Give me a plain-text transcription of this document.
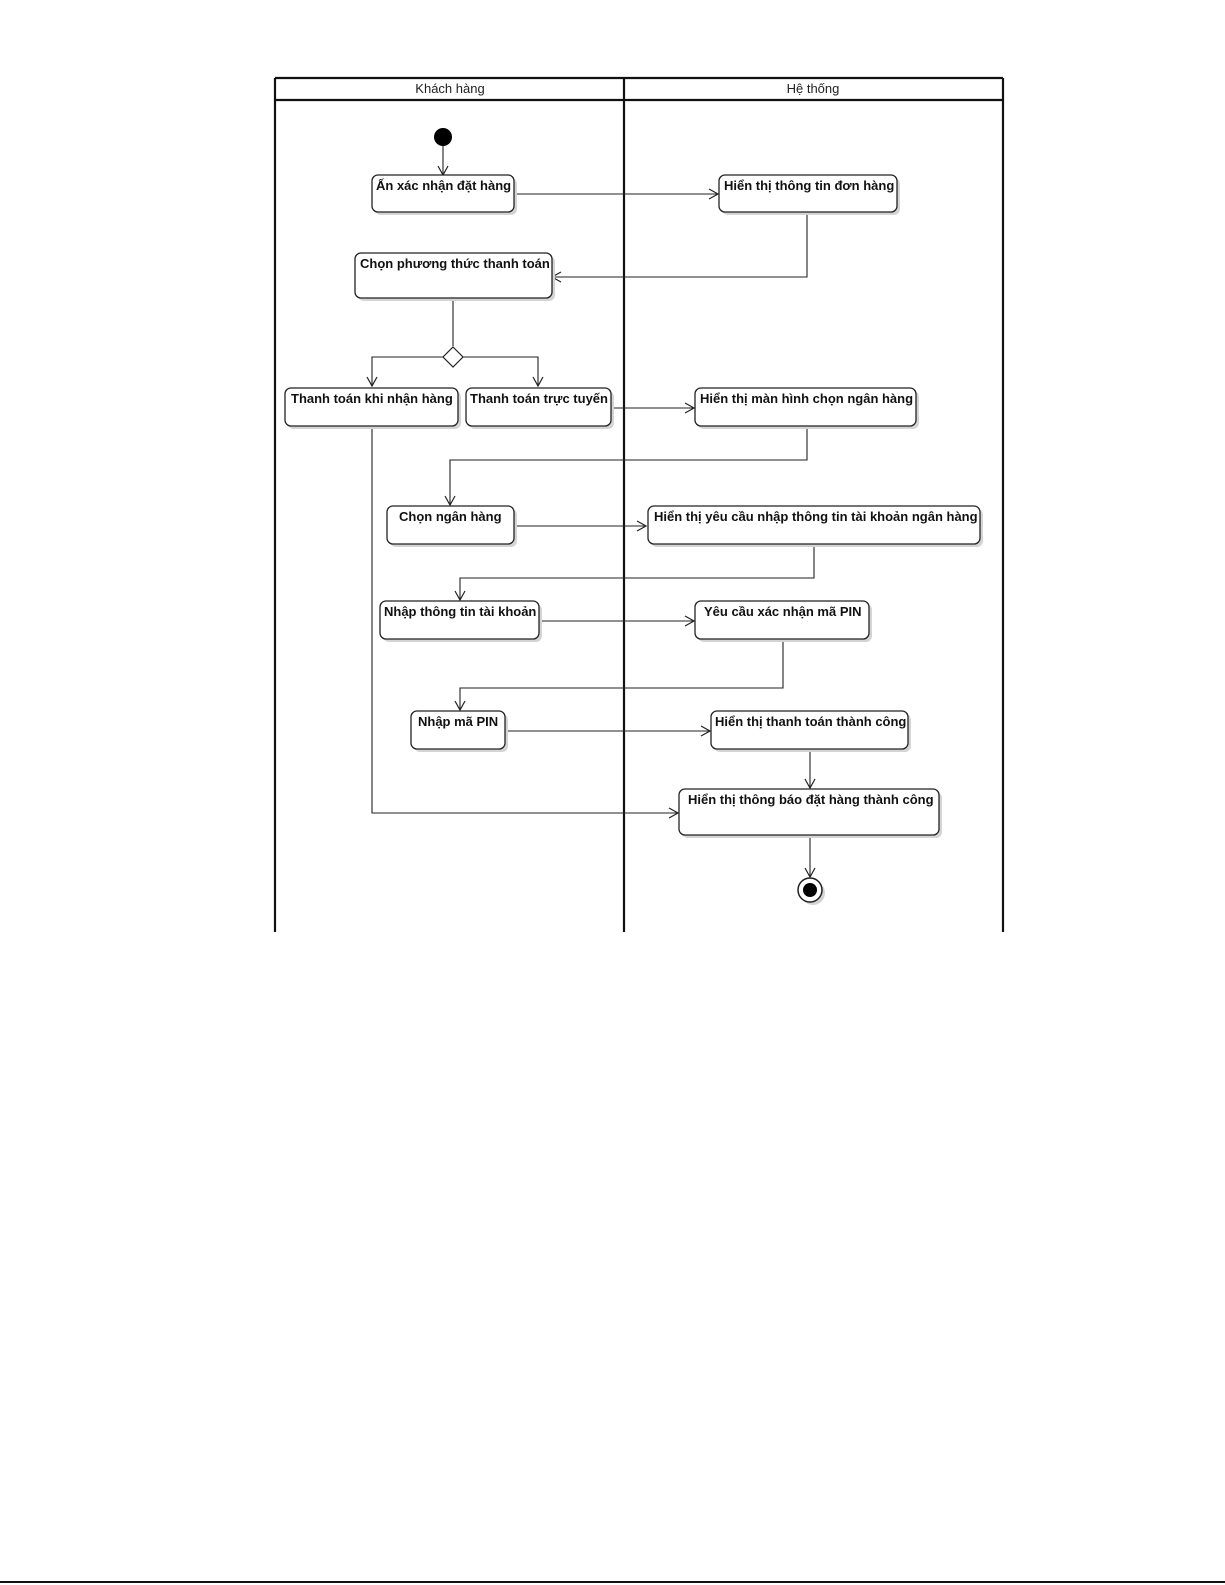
Khách hàng	Hệ thống
Ấn xác nhận đặt hàng	Hiển thị thông tin đơn hàng
Chọn phương thức thanh toán
Thanh toán khi nhận hàng Thanh toán trực tuyến	Hiển thị màn hình chọn ngân hàng
Chọn ngân hàng	Hiển thị yêu cầu nhập thông tin tài khoản ngân hàng
Nhập thông tin tài khoản	Yêu cầu xác nhận mã PIN
Nhập mã PIN	Hiển thị thanh toán thành công
Hiển thị thông báo đặt hàng thành công
